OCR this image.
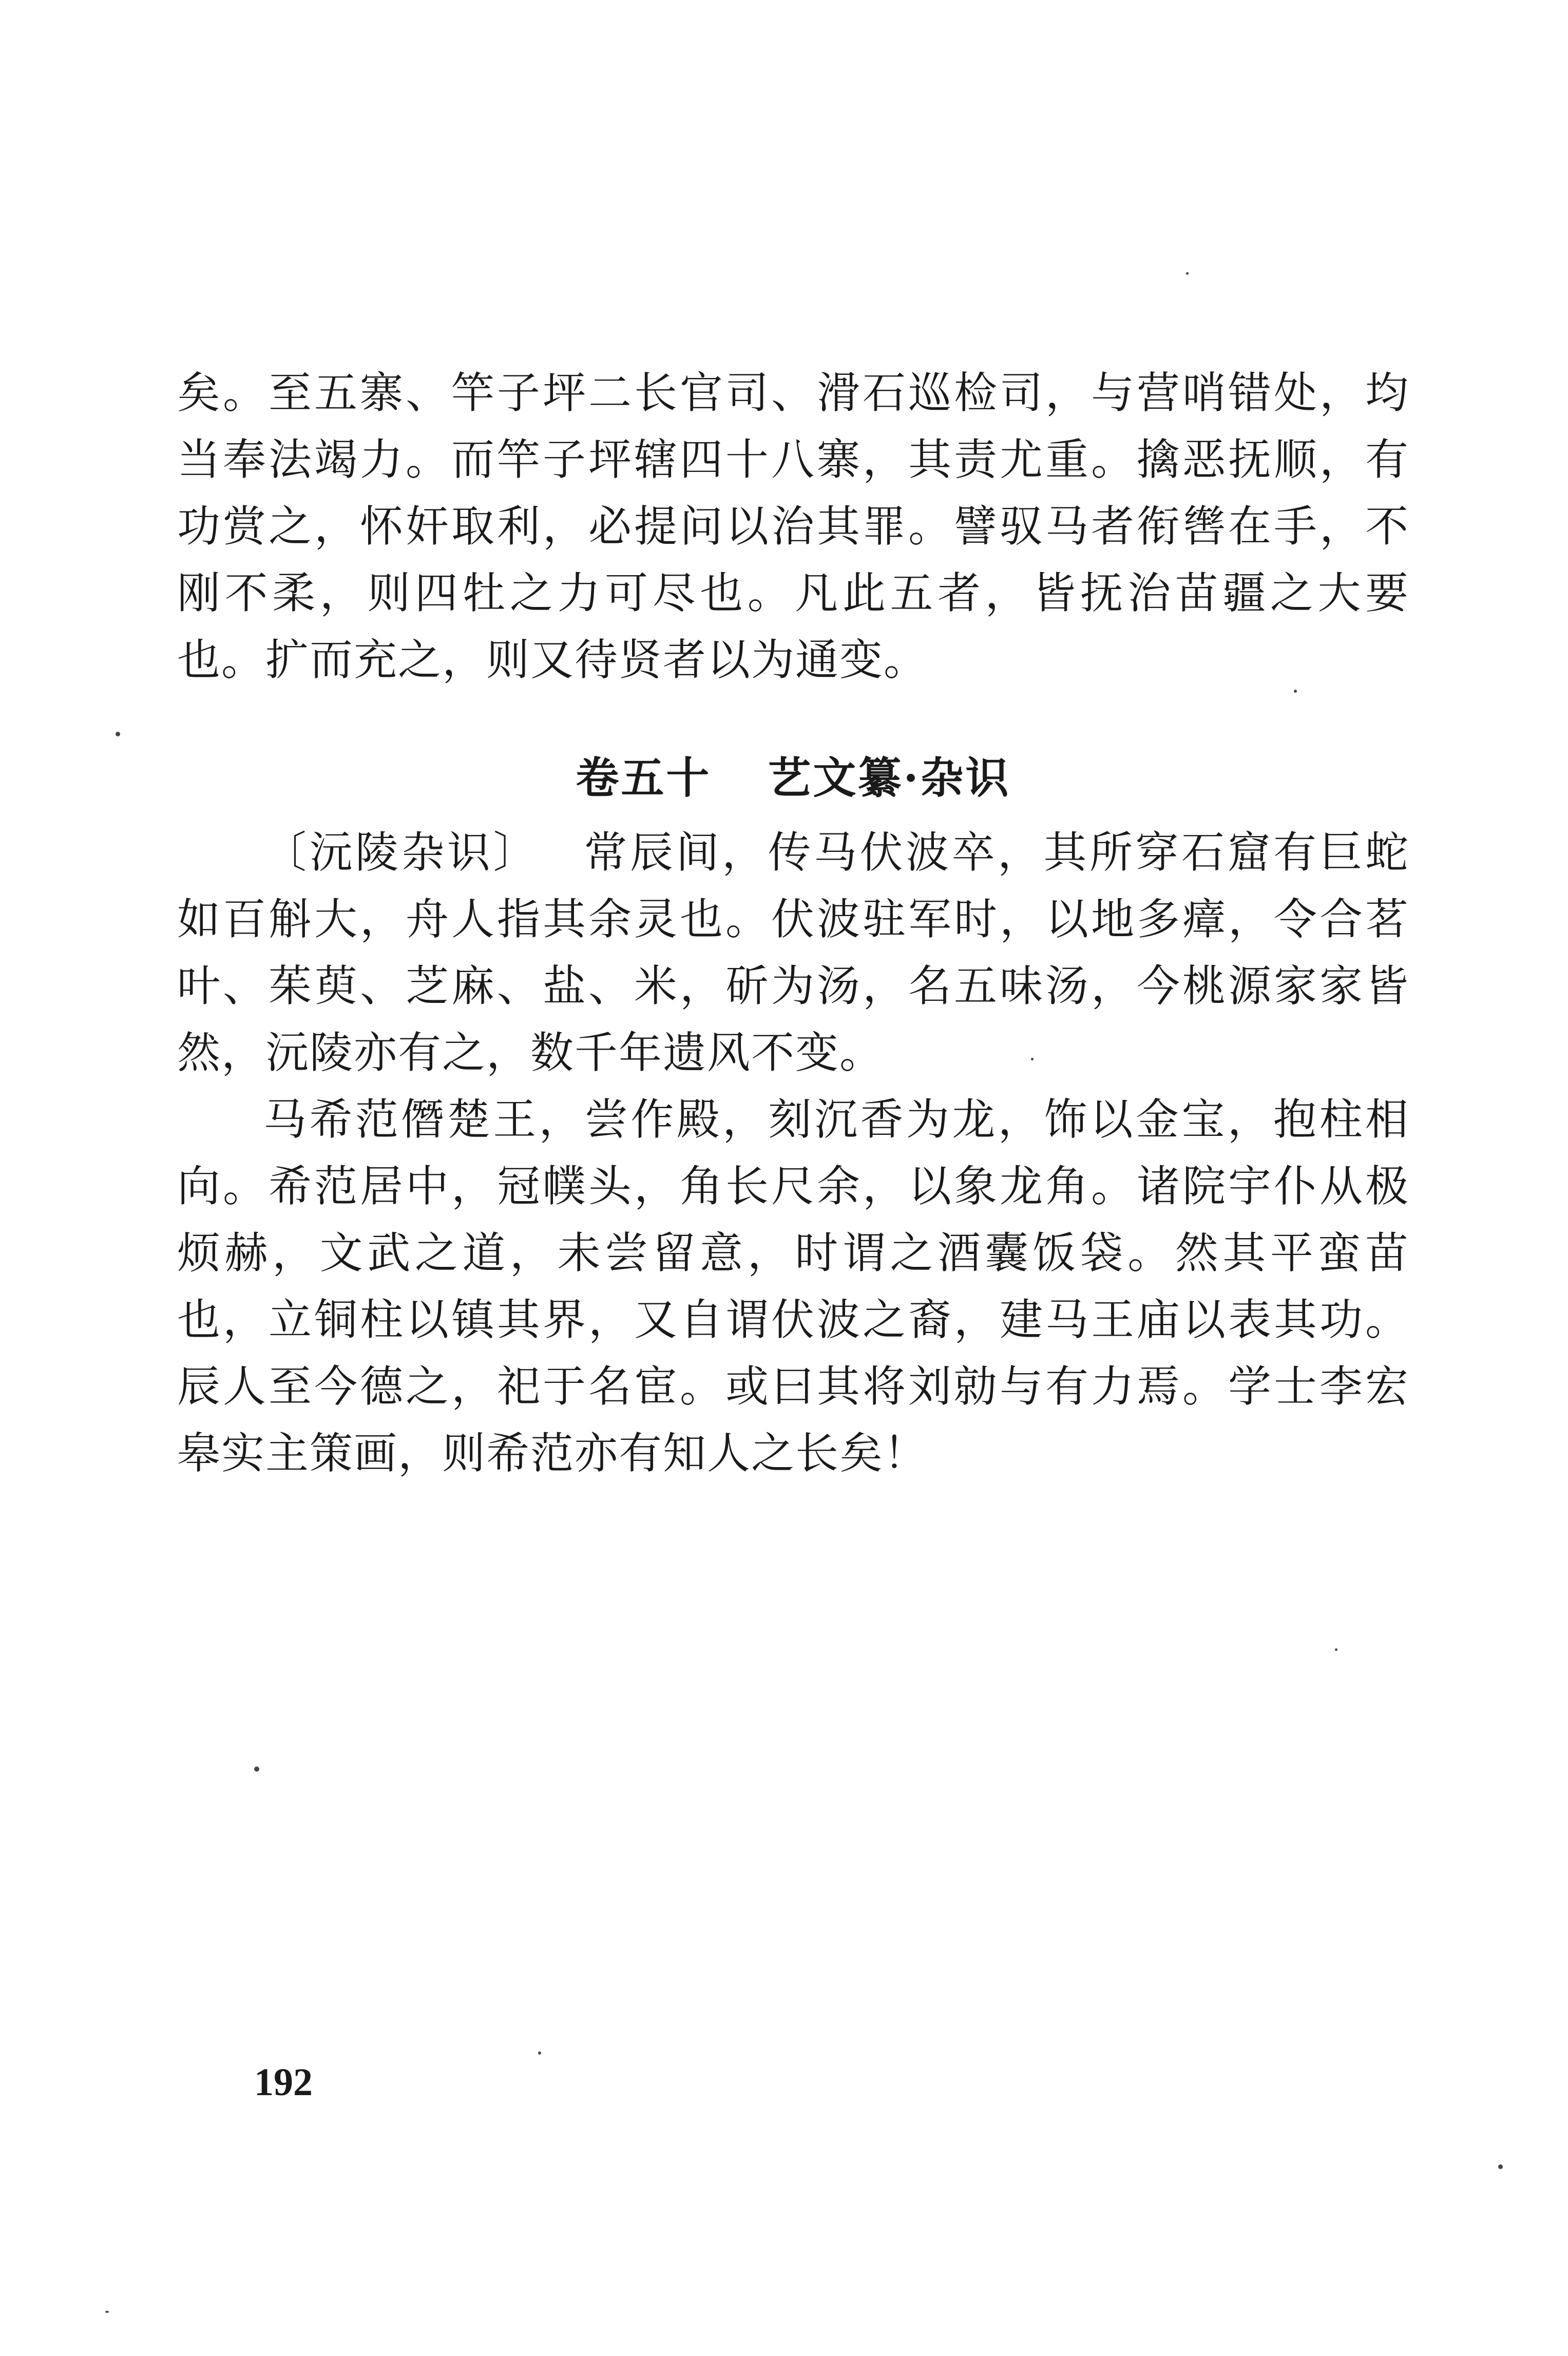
矣。至五寨、竿子坪二长官司、滑石巡检司，与营哨错处，均当奉法竭力。而竿子坪辖四十八寨，其责尤重。擒恶抚顺，有功赏之，怀奸取利，必提问以治其罪。譬驭马者衔辔在手，不刚不柔，则四牡之力可尽也。凡此五者，皆抚治苗疆之大要也。扩而充之，则又待贤者以为通变。

卷五十 艺文纂·杂识

〔沅陵杂识〕 常辰间，传马伏波卒，其所穿石窟有巨蛇如百斛大，舟人指其余灵也。伏波驻军时，以地多瘴，令合茗叶、茱萸、芝麻、盐、米，斫为汤，名五味汤，今桃源家家皆然，沅陵亦有之，数千年遗风不变。

马希范僭楚王，尝作殿，刻沉香为龙，饰以金宝，抱柱相向。希范居中，冠幞头，角长尺余，以象龙角。诸院宇仆从极烦赫，文武之道，未尝留意，时谓之酒囊饭袋。然其平蛮苗也，立铜柱以镇其界，又自谓伏波之裔，建马王庙以表其功。辰人至今德之，祀于名宦。或曰其将刘勍与有力焉。学士李宏皋实主策画，则希范亦有知人之长矣！

192
